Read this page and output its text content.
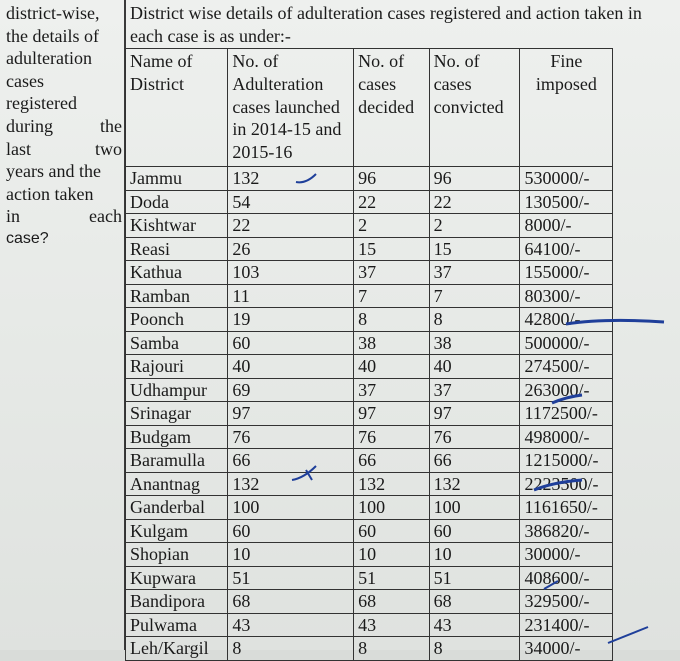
district-wise,
the details of
adulteration
cases
registered
during the
last two
years and the
action taken
in each
case?
District wise details of adulteration cases registered and action taken in each case is as under:-
Name of District	No. of Adulteration cases launched in 2014-15 and 2015-16	No. of cases decided	No. of cases convicted	Fine imposed
Jammu	132	96	96	530000/-
Doda	54	22	22	130500/-
Kishtwar	22	2	2	8000/-
Reasi	26	15	15	64100/-
Kathua	103	37	37	155000/-
Ramban	11	7	7	80300/-
Poonch	19	8	8	42800/-
Samba	60	38	38	500000/-
Rajouri	40	40	40	274500/-
Udhampur	69	37	37	263000/-
Srinagar	97	97	97	1172500/-
Budgam	76	76	76	498000/-
Baramulla	66	66	66	1215000/-
Anantnag	132	132	132	2223500/-
Ganderbal	100	100	100	1161650/-
Kulgam	60	60	60	386820/-
Shopian	10	10	10	30000/-
Kupwara	51	51	51	408600/-
Bandipora	68	68	68	329500/-
Pulwama	43	43	43	231400/-
Leh/Kargil	8	8	8	34000/-
